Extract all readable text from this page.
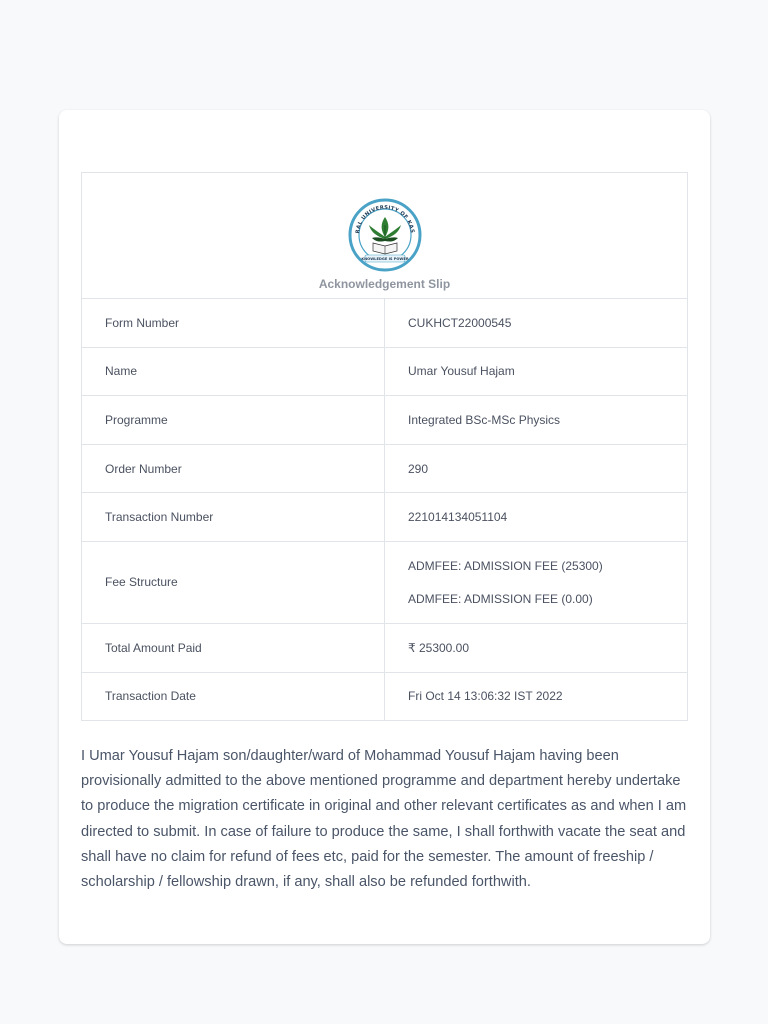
RAL UNIVERSITY OF KAS
KNOWLEDGE IS POWER
Acknowledgement Slip	

Form Number	CUKHCT22000545
Name	Umar Yousuf Hajam
Programme	Integrated BSc-MSc Physics
Order Number	290
Transaction Number	221014134051104
Fee Structure	ADMFEE: ADMISSION FEE (25300)
ADMFEE: ADMISSION FEE (0.00)

Total Amount Paid	₹ 25300.00
Transaction Date	Fri Oct 14 13:06:32 IST 2022

I Umar Yousuf Hajam son/daughter/ward of Mohammad Yousuf Hajam having been provisionally admitted to the above mentioned programme and department hereby undertake to produce the migration certificate in original and other relevant certificates as and when I am directed to submit. In case of failure to produce the same, I shall forthwith vacate the seat and shall have no claim for refund of fees etc, paid for the semester. The amount of freeship / scholarship / fellowship drawn, if any, shall also be refunded forthwith.
